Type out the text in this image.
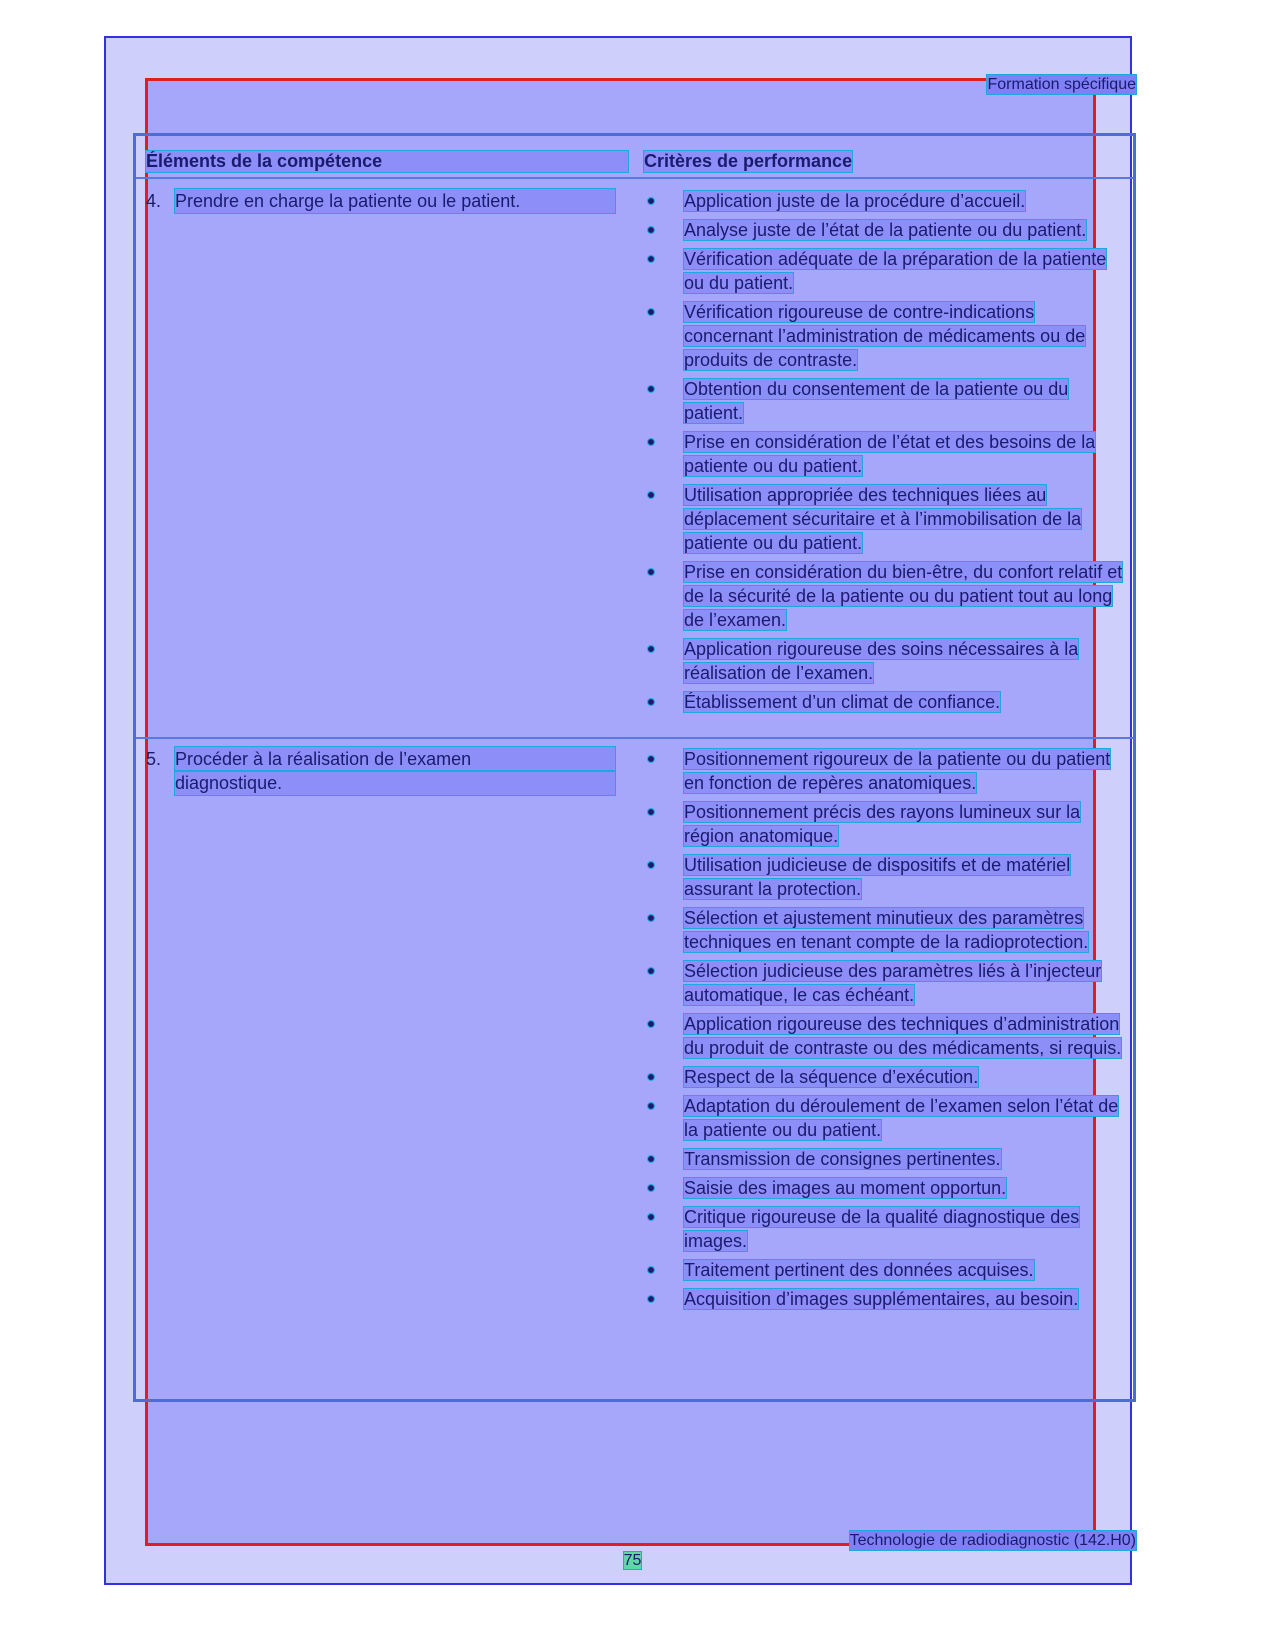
Formation spécifique
Éléments de la compétence	Critères de performance
4. Prendre en charge la patiente ou le patient.	Application juste de la procédure d’accueil.
Analyse juste de l’état de la patiente ou du patient.
Vérification adéquate de la préparation de la patiente ou du patient.
Vérification rigoureuse de contre-indications concernant l’administration de médicaments ou de produits de contraste.
Obtention du consentement de la patiente ou du patient.
Prise en considération de l’état et des besoins de la patiente ou du patient.
Utilisation appropriée des techniques liées au déplacement sécuritaire et à l’immobilisation de la patiente ou du patient.
Prise en considération du bien-être, du confort relatif et de la sécurité de la patiente ou du patient tout au long de l’examen.
Application rigoureuse des soins nécessaires à la réalisation de l’examen.
Établissement d’un climat de confiance.
5. Procéder à la réalisation de l’examen
diagnostique.
Positionnement rigoureux de la patiente ou du patient en fonction de repères anatomiques.
Positionnement précis des rayons lumineux sur la région anatomique.
Utilisation judicieuse de dispositifs et de matériel assurant la protection.
Sélection et ajustement minutieux des paramètres techniques en tenant compte de la radioprotection.
Sélection judicieuse des paramètres liés à l’injecteur automatique, le cas échéant.
Application rigoureuse des techniques d’administration du produit de contraste ou des médicaments, si requis.
Respect de la séquence d’exécution.
Adaptation du déroulement de l’examen selon l’état de la patiente ou du patient.
Transmission de consignes pertinentes.
Saisie des images au moment opportun.
Critique rigoureuse de la qualité diagnostique des images.
Traitement pertinent des données acquises.
Acquisition d’images supplémentaires, au besoin.
Technologie de radiodiagnostic (142.H0)
75
